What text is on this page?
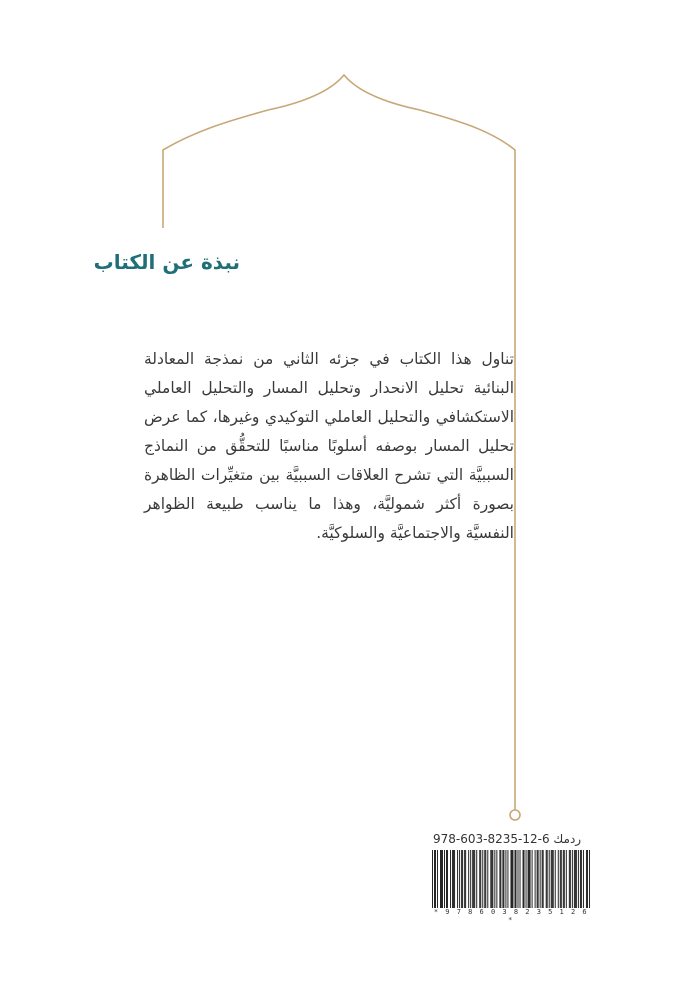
نبذة عن الكتاب

تناول هذا الكتاب في جزئه الثاني من نمذجة المعادلة البنائية تحليل الانحدار وتحليل المسار والتحليل العاملي الاستكشافي والتحليل العاملي التوكيدي وغيرها، كما عرض تحليل المسار بوصفه أسلوبًا مناسبًا للتحقُّق من النماذج السببيَّة التي تشرح العلاقات السببيَّة بين متغيِّرات الظاهرة بصورة أكثر شموليَّة، وهذا ما يناسب طبيعة الظواهر النفسيَّة والاجتماعيَّة والسلوكيَّة.

978-603-8235-12-6 ردمك
* 9 7 8 6 0 3 8 2 3 5 1 2 6 *
